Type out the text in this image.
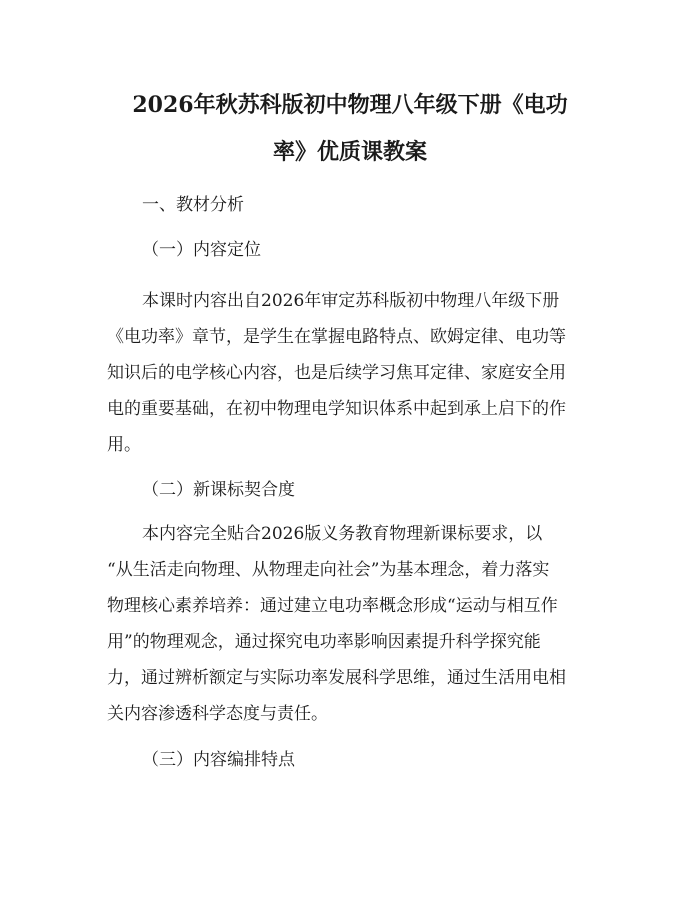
2026年秋苏科版初中物理八年级下册《电功
率》优质课教案

一、教材分析

（一）内容定位

本课时内容出自2026年审定苏科版初中物理八年级下册

《电功率》章节，是学生在掌握电路特点、欧姆定律、电功等

知识后的电学核心内容，也是后续学习焦耳定律、家庭安全用

电的重要基础，在初中物理电学知识体系中起到承上启下的作

用。

（二）新课标契合度

本内容完全贴合2026版义务教育物理新课标要求，以

“从生活走向物理、从物理走向社会”为基本理念，着力落实

物理核心素养培养：通过建立电功率概念形成“运动与相互作

用”的物理观念，通过探究电功率影响因素提升科学探究能

力，通过辨析额定与实际功率发展科学思维，通过生活用电相

关内容渗透科学态度与责任。

（三）内容编排特点
